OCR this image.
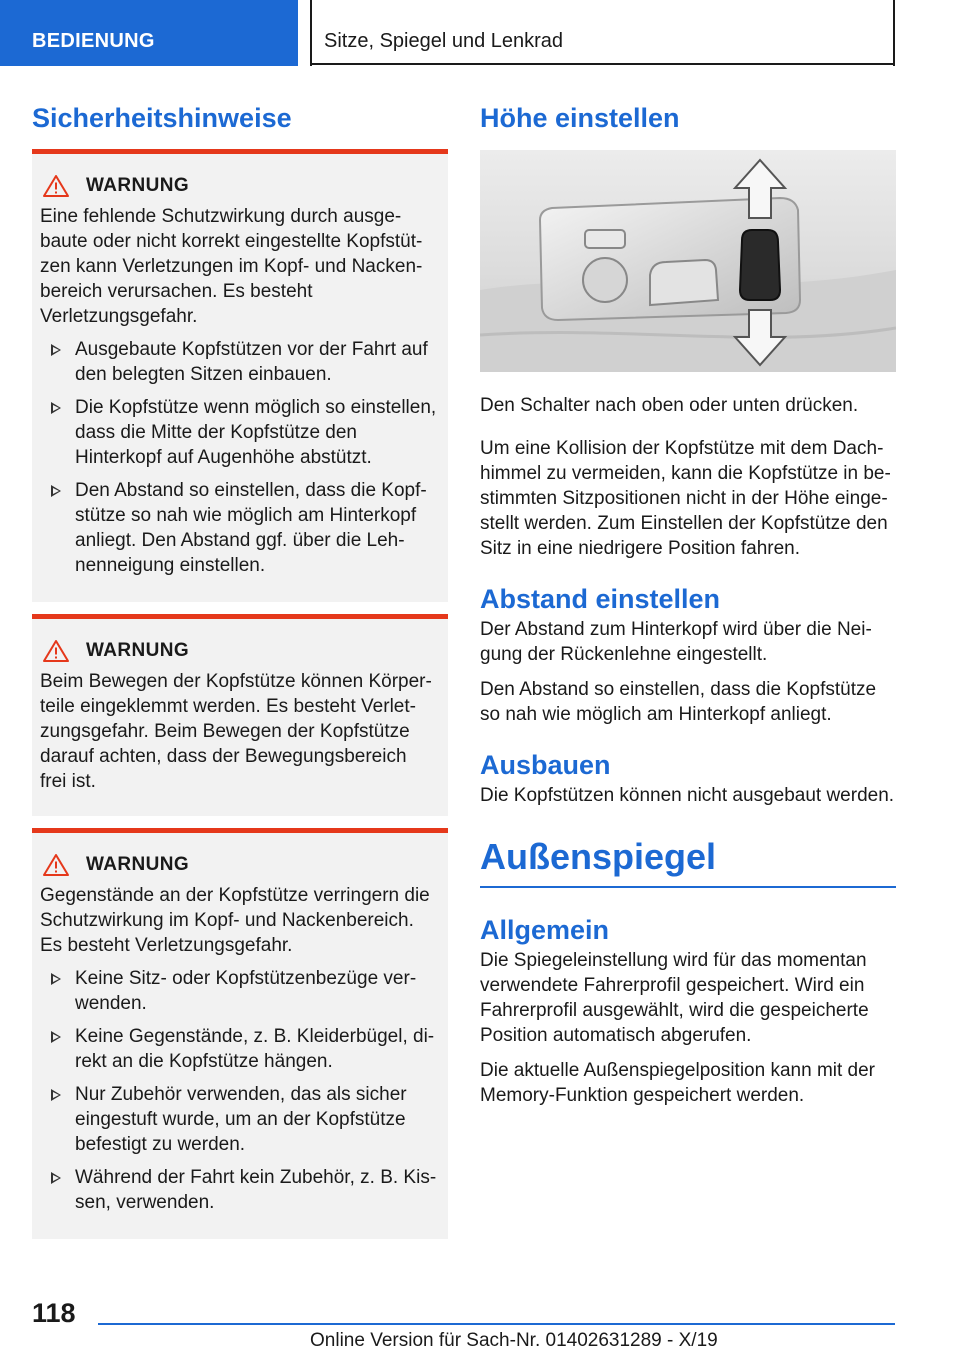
BEDIENUNG	Sitze, Spiegel und Lenkrad
Sicherheitshinweise
WARNUNG

Eine fehlende Schutzwirkung durch ausgebaute oder nicht korrekt eingestellte Kopfstützen kann Verletzungen im Kopf- und Nackenbereich verursachen. Es besteht Verletzungsgefahr.

Ausgebaute Kopfstützen vor der Fahrt auf den belegten Sitzen einbauen.
Die Kopfstütze wenn möglich so einstellen, dass die Mitte der Kopfstütze den Hinterkopf auf Augenhöhe abstützt.
Den Abstand so einstellen, dass die Kopfstütze so nah wie möglich am Hinterkopf anliegt. Den Abstand ggf. über die Lehnenneigung einstellen.
WARNUNG

Beim Bewegen der Kopfstütze können Körperteile eingeklemmt werden. Es besteht Verletzungsgefahr. Beim Bewegen der Kopfstütze darauf achten, dass der Bewegungsbereich frei ist.

WARNUNG

Gegenstände an der Kopfstütze verringern die Schutzwirkung im Kopf- und Nackenbereich. Es besteht Verletzungsgefahr.

Keine Sitz- oder Kopfstützenbezüge verwenden.
Keine Gegenstände, z. B. Kleiderbügel, direkt an die Kopfstütze hängen.
Nur Zubehör verwenden, das als sicher eingestuft wurde, um an der Kopfstütze befestigt zu werden.
Während der Fahrt kein Zubehör, z. B. Kissen, verwenden.
Höhe einstellen

Den Schalter nach oben oder unten drücken.

Um eine Kollision der Kopfstütze mit dem Dachhimmel zu vermeiden, kann die Kopfstütze in bestimmten Sitzpositionen nicht in der Höhe eingestellt werden. Zum Einstellen der Kopfstütze den Sitz in eine niedrigere Position fahren.

Abstand einstellen

Der Abstand zum Hinterkopf wird über die Neigung der Rückenlehne eingestellt.

Den Abstand so einstellen, dass die Kopfstütze so nah wie möglich am Hinterkopf anliegt.

Ausbauen

Die Kopfstützen können nicht ausgebaut werden.

Außenspiegel
Allgemein

Die Spiegeleinstellung wird für das momentan verwendete Fahrerprofil gespeichert. Wird ein Fahrerprofil ausgewählt, wird die gespeicherte Position automatisch abgerufen.

Die aktuelle Außenspiegelposition kann mit der Memory-Funktion gespeichert werden.

118
Online Version für Sach-Nr. 01402631289 - X/19
